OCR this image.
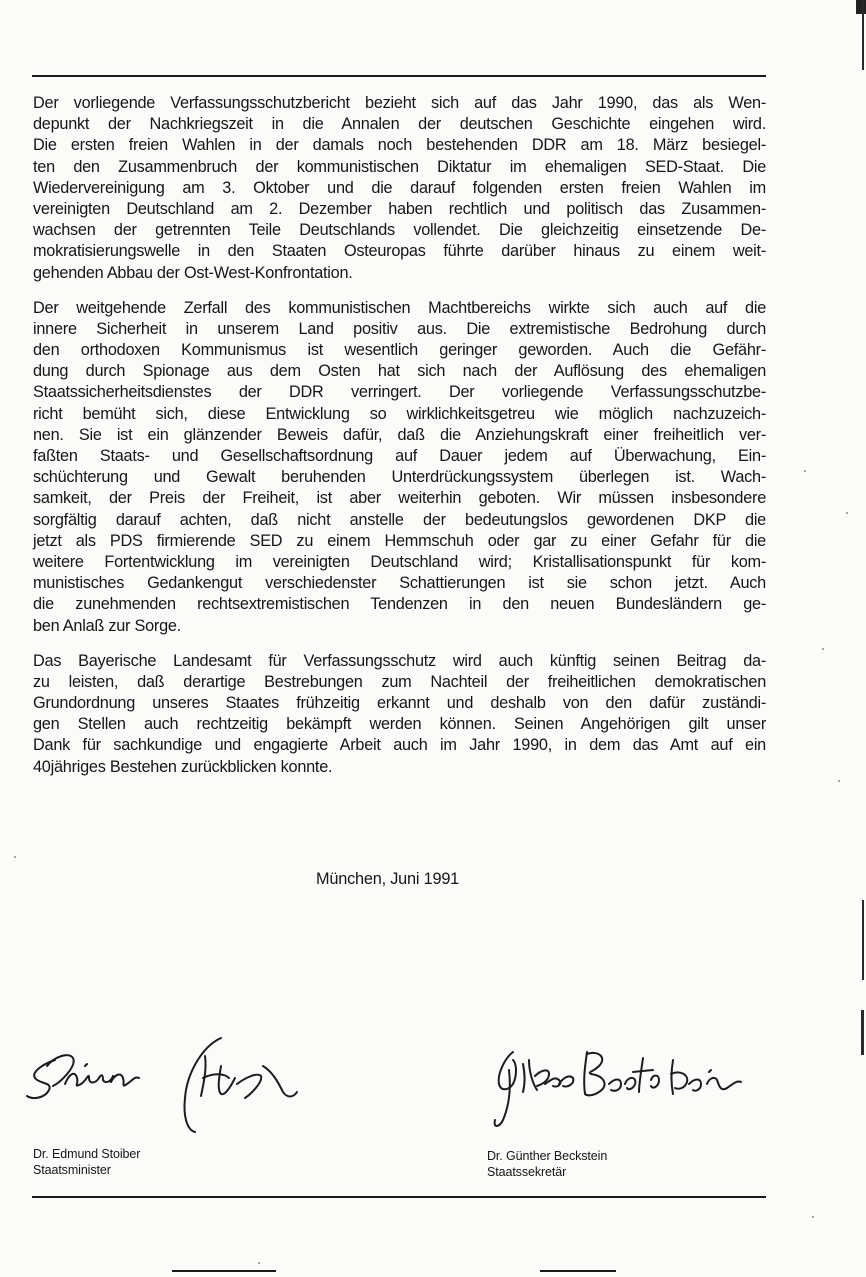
Der vorliegende Verfassungsschutzbericht bezieht sich auf das Jahr 1990, das als Wen-
depunkt der Nachkriegszeit in die Annalen der deutschen Geschichte eingehen wird.
Die ersten freien Wahlen in der damals noch bestehenden DDR am 18. März besiegel-
ten den Zusammenbruch der kommunistischen Diktatur im ehemaligen SED-Staat. Die
Wiedervereinigung am 3. Oktober und die darauf folgenden ersten freien Wahlen im
vereinigten Deutschland am 2. Dezember haben rechtlich und politisch das Zusammen-
wachsen der getrennten Teile Deutschlands vollendet. Die gleichzeitig einsetzende De-
mokratisierungswelle in den Staaten Osteuropas führte darüber hinaus zu einem weit-
gehenden Abbau der Ost-West-Konfrontation.
Der weitgehende Zerfall des kommunistischen Machtbereichs wirkte sich auch auf die
innere Sicherheit in unserem Land positiv aus. Die extremistische Bedrohung durch
den orthodoxen Kommunismus ist wesentlich geringer geworden. Auch die Gefähr-
dung durch Spionage aus dem Osten hat sich nach der Auflösung des ehemaligen
Staatssicherheitsdienstes der DDR verringert. Der vorliegende Verfassungsschutzbe-
richt bemüht sich, diese Entwicklung so wirklichkeitsgetreu wie möglich nachzuzeich-
nen. Sie ist ein glänzender Beweis dafür, daß die Anziehungskraft einer freiheitlich ver-
faßten Staats- und Gesellschaftsordnung auf Dauer jedem auf Überwachung, Ein-
schüchterung und Gewalt beruhenden Unterdrückungssystem überlegen ist. Wach-
samkeit, der Preis der Freiheit, ist aber weiterhin geboten. Wir müssen insbesondere
sorgfältig darauf achten, daß nicht anstelle der bedeutungslos gewordenen DKP die
jetzt als PDS firmierende SED zu einem Hemmschuh oder gar zu einer Gefahr für die
weitere Fortentwicklung im vereinigten Deutschland wird; Kristallisationspunkt für kom-
munistisches Gedankengut verschiedenster Schattierungen ist sie schon jetzt. Auch
die zunehmenden rechtsextremistischen Tendenzen in den neuen Bundesländern ge-
ben Anlaß zur Sorge.
Das Bayerische Landesamt für Verfassungsschutz wird auch künftig seinen Beitrag da-
zu leisten, daß derartige Bestrebungen zum Nachteil der freiheitlichen demokratischen
Grundordnung unseres Staates frühzeitig erkannt und deshalb von den dafür zuständi-
gen Stellen auch rechtzeitig bekämpft werden können. Seinen Angehörigen gilt unser
Dank für sachkundige und engagierte Arbeit auch im Jahr 1990, in dem das Amt auf ein
40jähriges Bestehen zurückblicken konnte.
München, Juni 1991
Dr. Edmund Stoiber
Staatsminister
Dr. Günther Beckstein
Staatssekretär
